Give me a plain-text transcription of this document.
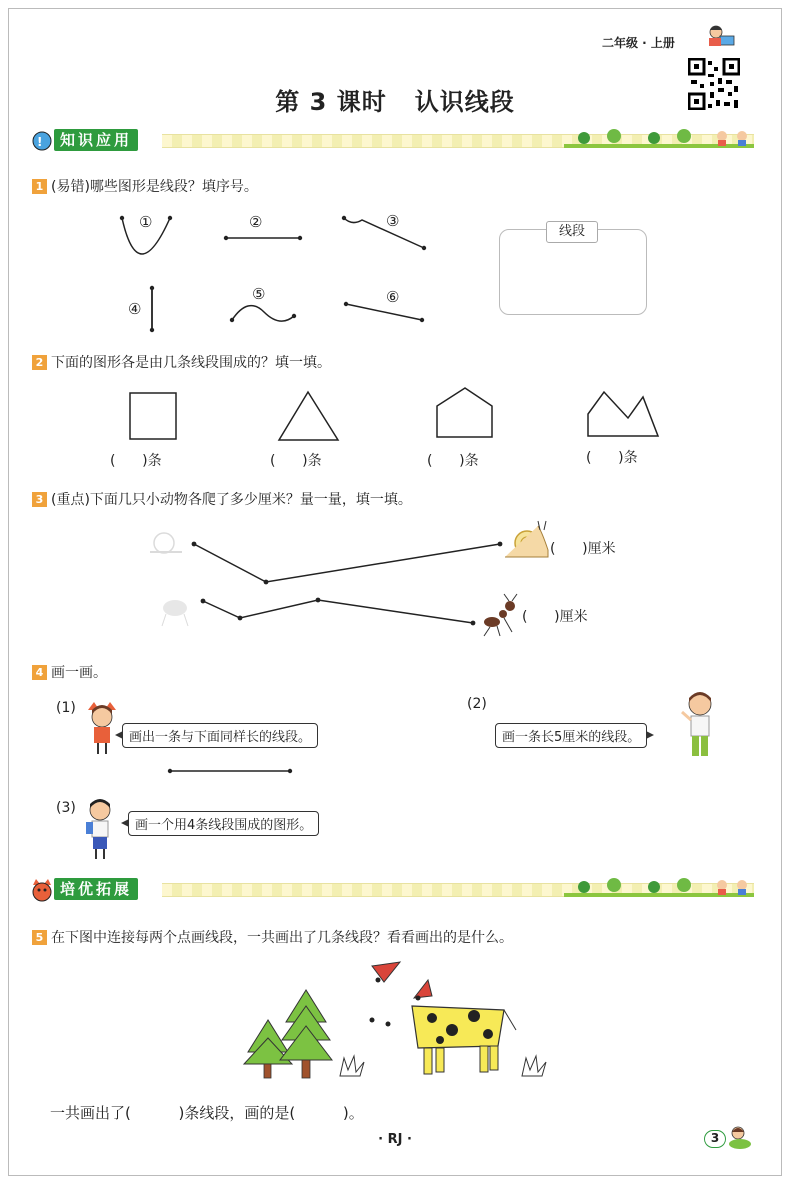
二年级 · 上册
第 3 课时 认识线段
!	知识应用
1 (易错)哪些图形是线段？填序号。
①	②	③
④
⑤	⑥
线段
2 下面的图形各是由几条线段围成的？填一填。
(      )条	(      )条	(      )条	(      )条
3 (重点)下面几只小动物各爬了多少厘米？量一量，填一填。
(      )厘米
(      )厘米
4 画一画。
(1)
画出一条与下面同样长的线段。
(2)
画一条长5厘米的线段。
(3)
画一个用4条线段围成的图形。
培优拓展
5 在下图中连接每两个点画线段，一共画出了几条线段？看看画出的是什么。
一共画出了(          )条线段，画的是(          )。
· RJ ·	3
